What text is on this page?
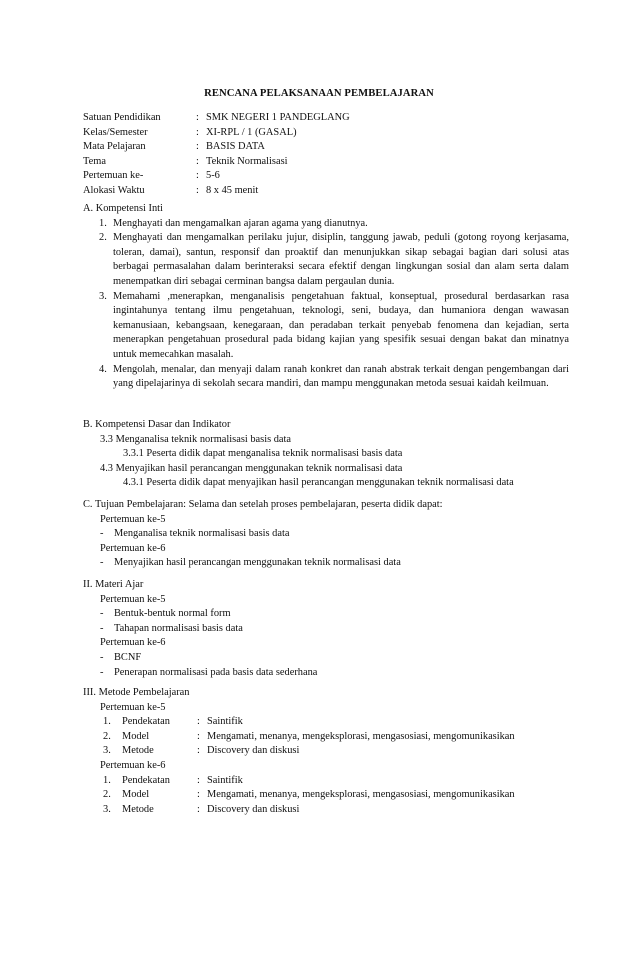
RENCANA PELAKSANAAN PEMBELAJARAN
Satuan Pendidikan	: SMK NEGERI 1 PANDEGLANG
Kelas/Semester	: XI-RPL / 1 (GASAL)
Mata Pelajaran	: BASIS DATA
Tema	: Teknik Normalisasi
Pertemuan ke-	: 5-6
Alokasi Waktu	: 8 x 45 menit
A. Kompetensi Inti
1. Menghayati dan mengamalkan ajaran agama yang dianutnya.
2. Menghayati dan mengamalkan perilaku jujur, disiplin, tanggung jawab, peduli (gotong royong kerjasama, toleran, damai), santun, responsif dan proaktif dan menunjukkan sikap sebagai bagian dari solusi atas berbagai permasalahan dalam berinteraksi secara efektif dengan lingkungan sosial dan alam serta dalam menempatkan diri sebagai cerminan bangsa dalam pergaulan dunia.
3. Memahami ,menerapkan, menganalisis pengetahuan faktual, konseptual, prosedural berdasarkan rasa ingintahunya tentang ilmu pengetahuan, teknologi, seni, budaya, dan humaniora dengan wawasan kemanusiaan, kebangsaan, kenegaraan, dan peradaban terkait penyebab fenomena dan kejadian, serta menerapkan pengetahuan prosedural pada bidang kajian yang spesifik sesuai dengan bakat dan minatnya untuk memecahkan masalah.
4. Mengolah, menalar, dan menyaji dalam ranah konkret dan ranah abstrak terkait dengan pengembangan dari yang dipelajarinya di sekolah secara mandiri, dan mampu menggunakan metoda sesuai kaidah keilmuan.
B. Kompetensi Dasar dan Indikator
3.3 Menganalisa teknik normalisasi basis data
3.3.1 Peserta didik dapat menganalisa teknik normalisasi basis data
4.3 Menyajikan hasil perancangan menggunakan teknik normalisasi data
4.3.1 Peserta didik dapat menyajikan hasil perancangan menggunakan teknik normalisasi data
C. Tujuan Pembelajaran: Selama dan setelah proses pembelajaran, peserta didik dapat:
Pertemuan ke-5
-	Menganalisa teknik normalisasi basis data
Pertemuan ke-6
-	Menyajikan hasil perancangan menggunakan teknik normalisasi data
II. Materi Ajar
Pertemuan ke-5
-	Bentuk-bentuk normal form
-	Tahapan normalisasi basis data
Pertemuan ke-6
-	BCNF
-	Penerapan normalisasi pada basis data sederhana
III. Metode Pembelajaran
Pertemuan ke-5
1.	Pendekatan	: Saintifik
2.	Model	: Mengamati, menanya, mengeksplorasi, mengasosiasi, mengomunikasikan
3.	Metode	: Discovery dan diskusi
Pertemuan ke-6
1.	Pendekatan	: Saintifik
2.	Model	: Mengamati, menanya, mengeksplorasi, mengasosiasi, mengomunikasikan
3.	Metode	: Discovery dan diskusi
